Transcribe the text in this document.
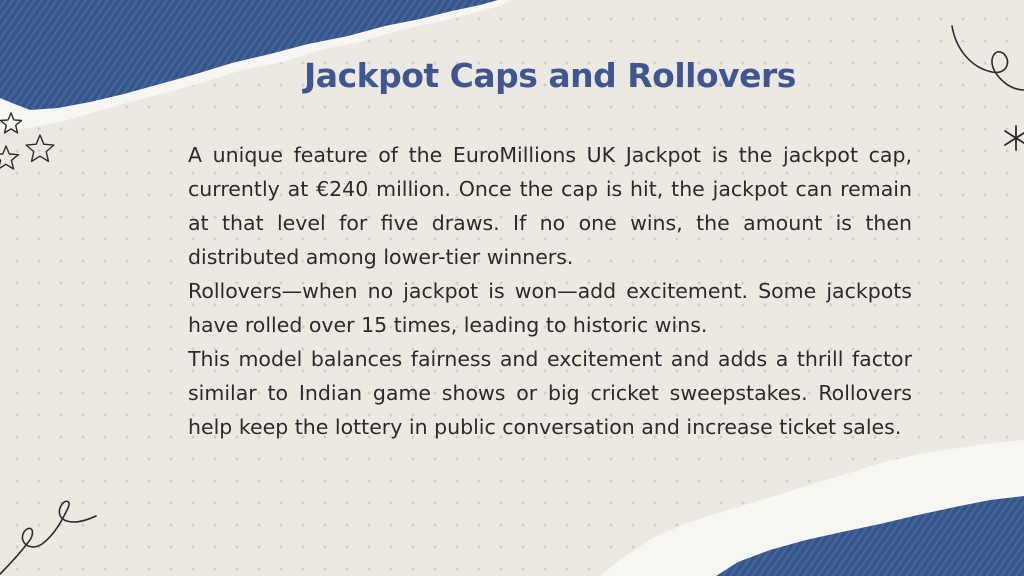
Jackpot Caps and Rollovers

A unique feature of the EuroMillions UK Jackpot is the jackpot cap, currently at €240 million. Once the cap is hit, the jackpot can remain at that level for five draws. If no one wins, the amount is then distributed among lower-tier winners.

Rollovers—when no jackpot is won—add excitement. Some jackpots have rolled over 15 times, leading to historic wins.

This model balances fairness and excitement and adds a thrill factor similar to Indian game shows or big cricket sweepstakes. Rollovers help keep the lottery in public conversation and increase ticket sales.
